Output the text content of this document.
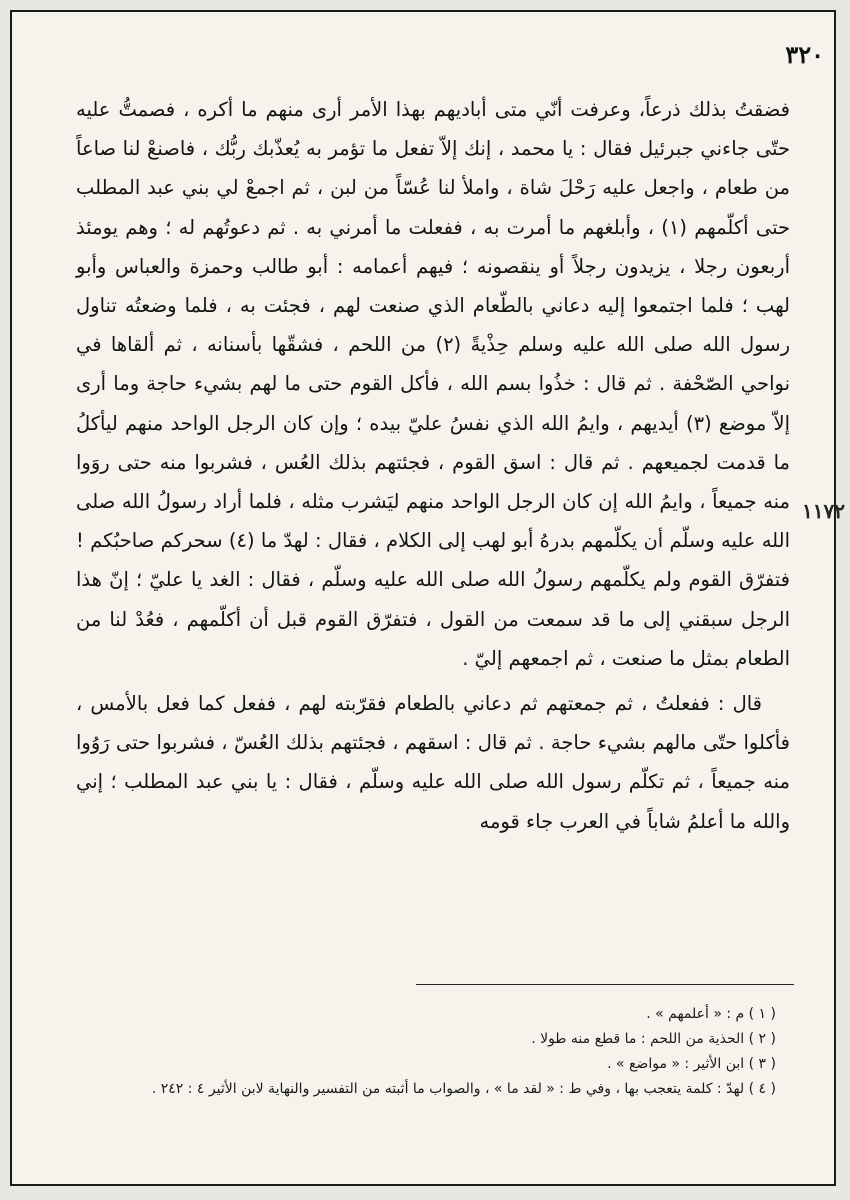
٣٢٠
١١٧٢

فضقتُ بذلك ذرعاً، وعرفت أنّي متى أباديهم بهذا الأمر أرى منهم ما أكره ، فصمتُّ عليه حتّى جاءني جبرئيل فقال : يا محمد ، إنك إلاّ تفعل ما تؤمر به يُعذّبك ربُّك ، فاصنعْ لنا صاعاً من طعام ، واجعل عليه رَحْلَ شاة ، واملأ لنا عُسّاً من لبن ، ثم اجمعْ لي بني عبد المطلب حتى أكلّمهم (١) ، وأبلغهم ما أمرت به ، ففعلت ما أمرني به . ثم دعوتُهم له ؛ وهم يومئذ أربعون رجلا ، يزيدون رجلاً أو ينقصونه ؛ فيهم أعمامه : أبو طالب وحمزة والعباس وأبو لهب ؛ فلما اجتمعوا إليه دعاني بالطّعام الذي صنعت لهم ، فجئت به ، فلما وضعتُه تناول رسول الله صلى الله عليه وسلم حِذْيةً (٢) من اللحم ، فشقّها بأسنانه ، ثم ألقاها في نواحي الصّحْفة . ثم قال : خذُوا بسم الله ، فأكل القوم حتى ما لهم بشيء حاجة وما أرى إلاّ موضع (٣) أيديهم ، وايمُ الله الذي نفسُ عليّ بيده ؛ وإن كان الرجل الواحد منهم ليأكلُ ما قدمت لجميعهم . ثم قال : اسق القوم ، فجئتهم بذلك العُس ، فشربوا منه حتى روَوا منه جميعاً ، وايمُ الله إن كان الرجل الواحد منهم ليَشرب مثله ، فلما أراد رسولُ الله صلى الله عليه وسلّم أن يكلّمهم بدرهُ أبو لهب إلى الكلام ، فقال : لهدّ ما (٤) سحركم صاحبُكم ! فتفرّق القوم ولم يكلّمهم رسولُ الله صلى الله عليه وسلّم ، فقال : الغد يا عليّ ؛ إنّ هذا الرجل سبقني إلى ما قد سمعت من القول ، فتفرّق القوم قبل أن أكلّمهم ، فعُدْ لنا من الطعام بمثل ما صنعت ، ثم اجمعهم إليّ .

قال : ففعلتُ ، ثم جمعتهم ثم دعاني بالطعام فقرّبته لهم ، ففعل كما فعل بالأمس ، فأكلوا حتّى مالهم بشيء حاجة . ثم قال : اسقهم ، فجئتهم بذلك العُسّ ، فشربوا حتى رَوُوا منه جميعاً ، ثم تكلّم رسول الله صلى الله عليه وسلّم ، فقال : يا بني عبد المطلب ؛ إني والله ما أعلمُ شاباً في العرب جاء قومه

( ١ ) م : « أعلمهم » .

( ٢ ) الحذية من اللحم : ما قطع منه طولا .

( ٣ ) ابن الأثير : « مواضع » .

( ٤ ) لهدّ : كلمة يتعجب بها ، وفي ط : « لقد ما » ، والصواب ما أثبته من التفسير والنهاية لابن الأثير ٤ : ٢٤٢ .
